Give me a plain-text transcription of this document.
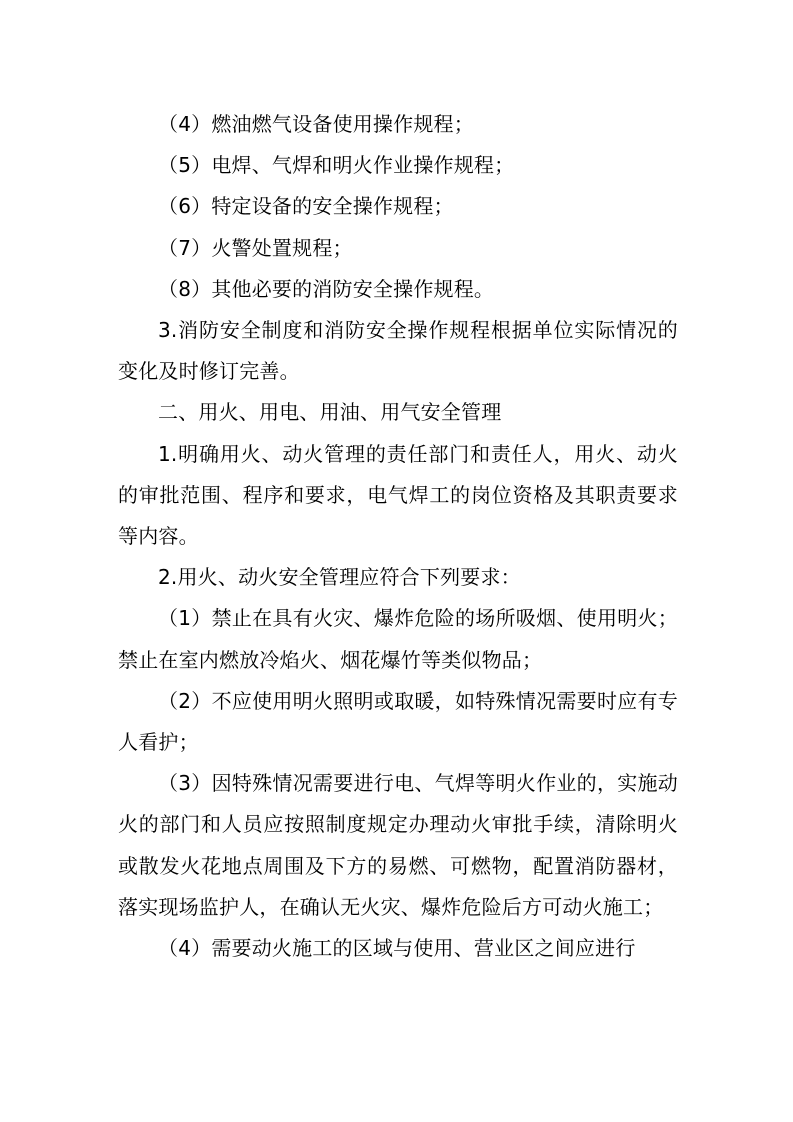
（4）燃油燃气设备使用操作规程；

（5）电焊、气焊和明火作业操作规程；

（6）特定设备的安全操作规程；

（7）火警处置规程；

（8）其他必要的消防安全操作规程。

3.消防安全制度和消防安全操作规程根据单位实际情况的变化及时修订完善。

二、用火、用电、用油、用气安全管理

1.明确用火、动火管理的责任部门和责任人，用火、动火的审批范围、程序和要求，电气焊工的岗位资格及其职责要求等内容。

2.用火、动火安全管理应符合下列要求：

（1）禁止在具有火灾、爆炸危险的场所吸烟、使用明火；禁止在室内燃放冷焰火、烟花爆竹等类似物品；

（2）不应使用明火照明或取暖，如特殊情况需要时应有专人看护；

（3）因特殊情况需要进行电、气焊等明火作业的，实施动火的部门和人员应按照制度规定办理动火审批手续，清除明火或散发火花地点周围及下方的易燃、可燃物，配置消防器材，落实现场监护人，在确认无火灾、爆炸危险后方可动火施工；

（4）需要动火施工的区域与使用、营业区之间应进行
